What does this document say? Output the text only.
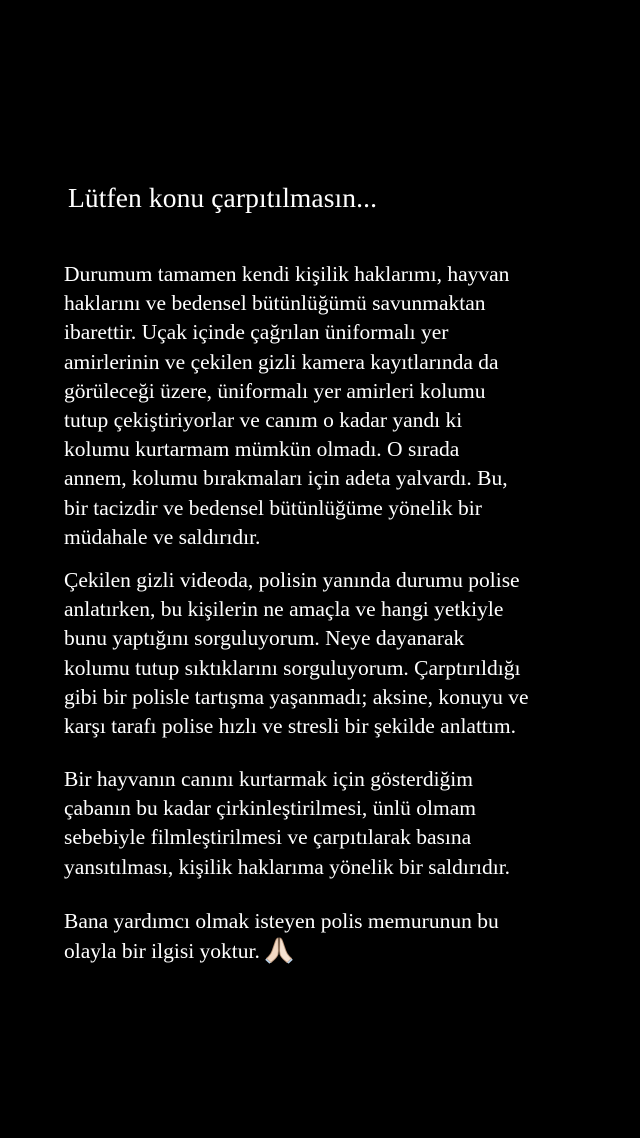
Lütfen konu çarpıtılmasın...
Durumum tamamen kendi kişilik haklarımı, hayvan
haklarını ve bedensel bütünlüğümü savunmaktan
ibarettir. Uçak içinde çağrılan üniformalı yer
amirlerinin ve çekilen gizli kamera kayıtlarında da
görüleceği üzere, üniformalı yer amirleri kolumu
tutup çekiştiriyorlar ve canım o kadar yandı ki
kolumu kurtarmam mümkün olmadı. O sırada
annem, kolumu bırakmaları için adeta yalvardı. Bu,
bir tacizdir ve bedensel bütünlüğüme yönelik bir
müdahale ve saldırıdır.
Çekilen gizli videoda, polisin yanında durumu polise
anlatırken, bu kişilerin ne amaçla ve hangi yetkiyle
bunu yaptığını sorguluyorum. Neye dayanarak
kolumu tutup sıktıklarını sorguluyorum. Çarptırıldığı
gibi bir polisle tartışma yaşanmadı; aksine, konuyu ve
karşı tarafı polise hızlı ve stresli bir şekilde anlattım.
Bir hayvanın canını kurtarmak için gösterdiğim
çabanın bu kadar çirkinleştirilmesi, ünlü olmam
sebebiyle filmleştirilmesi ve çarpıtılarak basına
yansıtılması, kişilik haklarıma yönelik bir saldırıdır.
Bana yardımcı olmak isteyen polis memurunun bu
olayla bir ilgisi yoktur.
